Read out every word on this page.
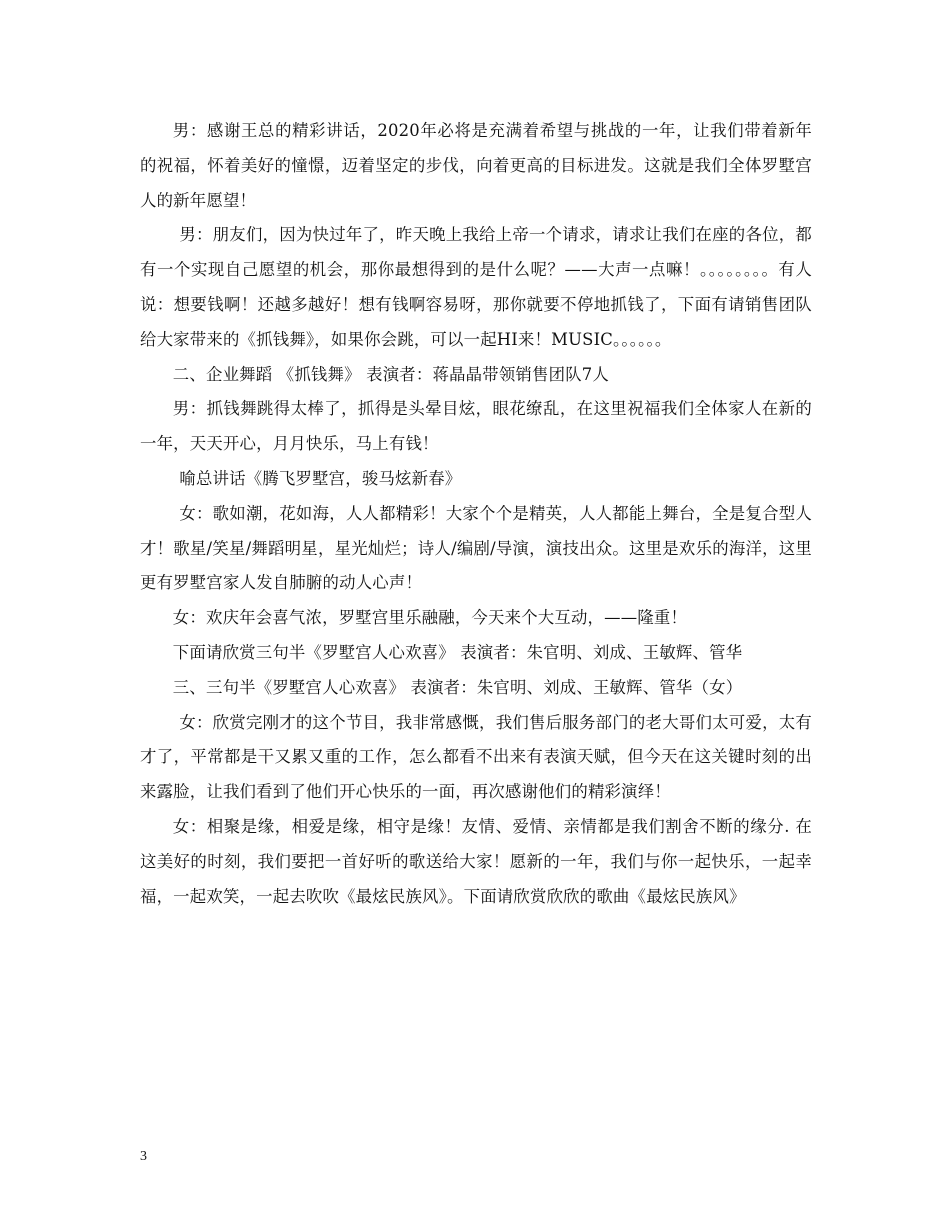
男：感谢王总的精彩讲话，2020年必将是充满着希望与挑战的一年，让我们带着新年的祝福，怀着美好的憧憬，迈着坚定的步伐，向着更高的目标进发。这就是我们全体罗墅宫人的新年愿望！

男：朋友们，因为快过年了，昨天晚上我给上帝一个请求，请求让我们在座的各位，都有一个实现自己愿望的机会，那你最想得到的是什么呢？——大声一点嘛！。。。。。。。。有人说：想要钱啊！还越多越好！想有钱啊容易呀，那你就要不停地抓钱了，下面有请销售团队给大家带来的《抓钱舞》，如果你会跳，可以一起HI来！MUSIC。。。。。。

二、企业舞蹈 《抓钱舞》 表演者：蒋晶晶带领销售团队7人

男：抓钱舞跳得太棒了，抓得是头晕目炫，眼花缭乱，在这里祝福我们全体家人在新的一年，天天开心，月月快乐，马上有钱！

喻总讲话《腾飞罗墅宫，骏马炫新春》

女：歌如潮，花如海，人人都精彩！大家个个是精英，人人都能上舞台，全是复合型人才！歌星/笑星/舞蹈明星，星光灿烂；诗人/编剧/导演，演技出众。这里是欢乐的海洋，这里更有罗墅宫家人发自肺腑的动人心声！

女：欢庆年会喜气浓，罗墅宫里乐融融，今天来个大互动，——隆重！

下面请欣赏三句半《罗墅宫人心欢喜》 表演者：朱官明、刘成、王敏辉、管华

三、三句半《罗墅宫人心欢喜》 表演者：朱官明、刘成、王敏辉、管华（女）

女：欣赏完刚才的这个节目，我非常感慨，我们售后服务部门的老大哥们太可爱，太有才了，平常都是干又累又重的工作，怎么都看不出来有表演天赋，但今天在这关键时刻的出来露脸，让我们看到了他们开心快乐的一面，再次感谢他们的精彩演绎！

女：相聚是缘，相爱是缘，相守是缘！友情、爱情、亲情都是我们割舍不断的缘分. 在这美好的时刻，我们要把一首好听的歌送给大家！愿新的一年，我们与你一起快乐，一起幸福，一起欢笑，一起去吹吹《最炫民族风》。下面请欣赏欣欣的歌曲《最炫民族风》

3
